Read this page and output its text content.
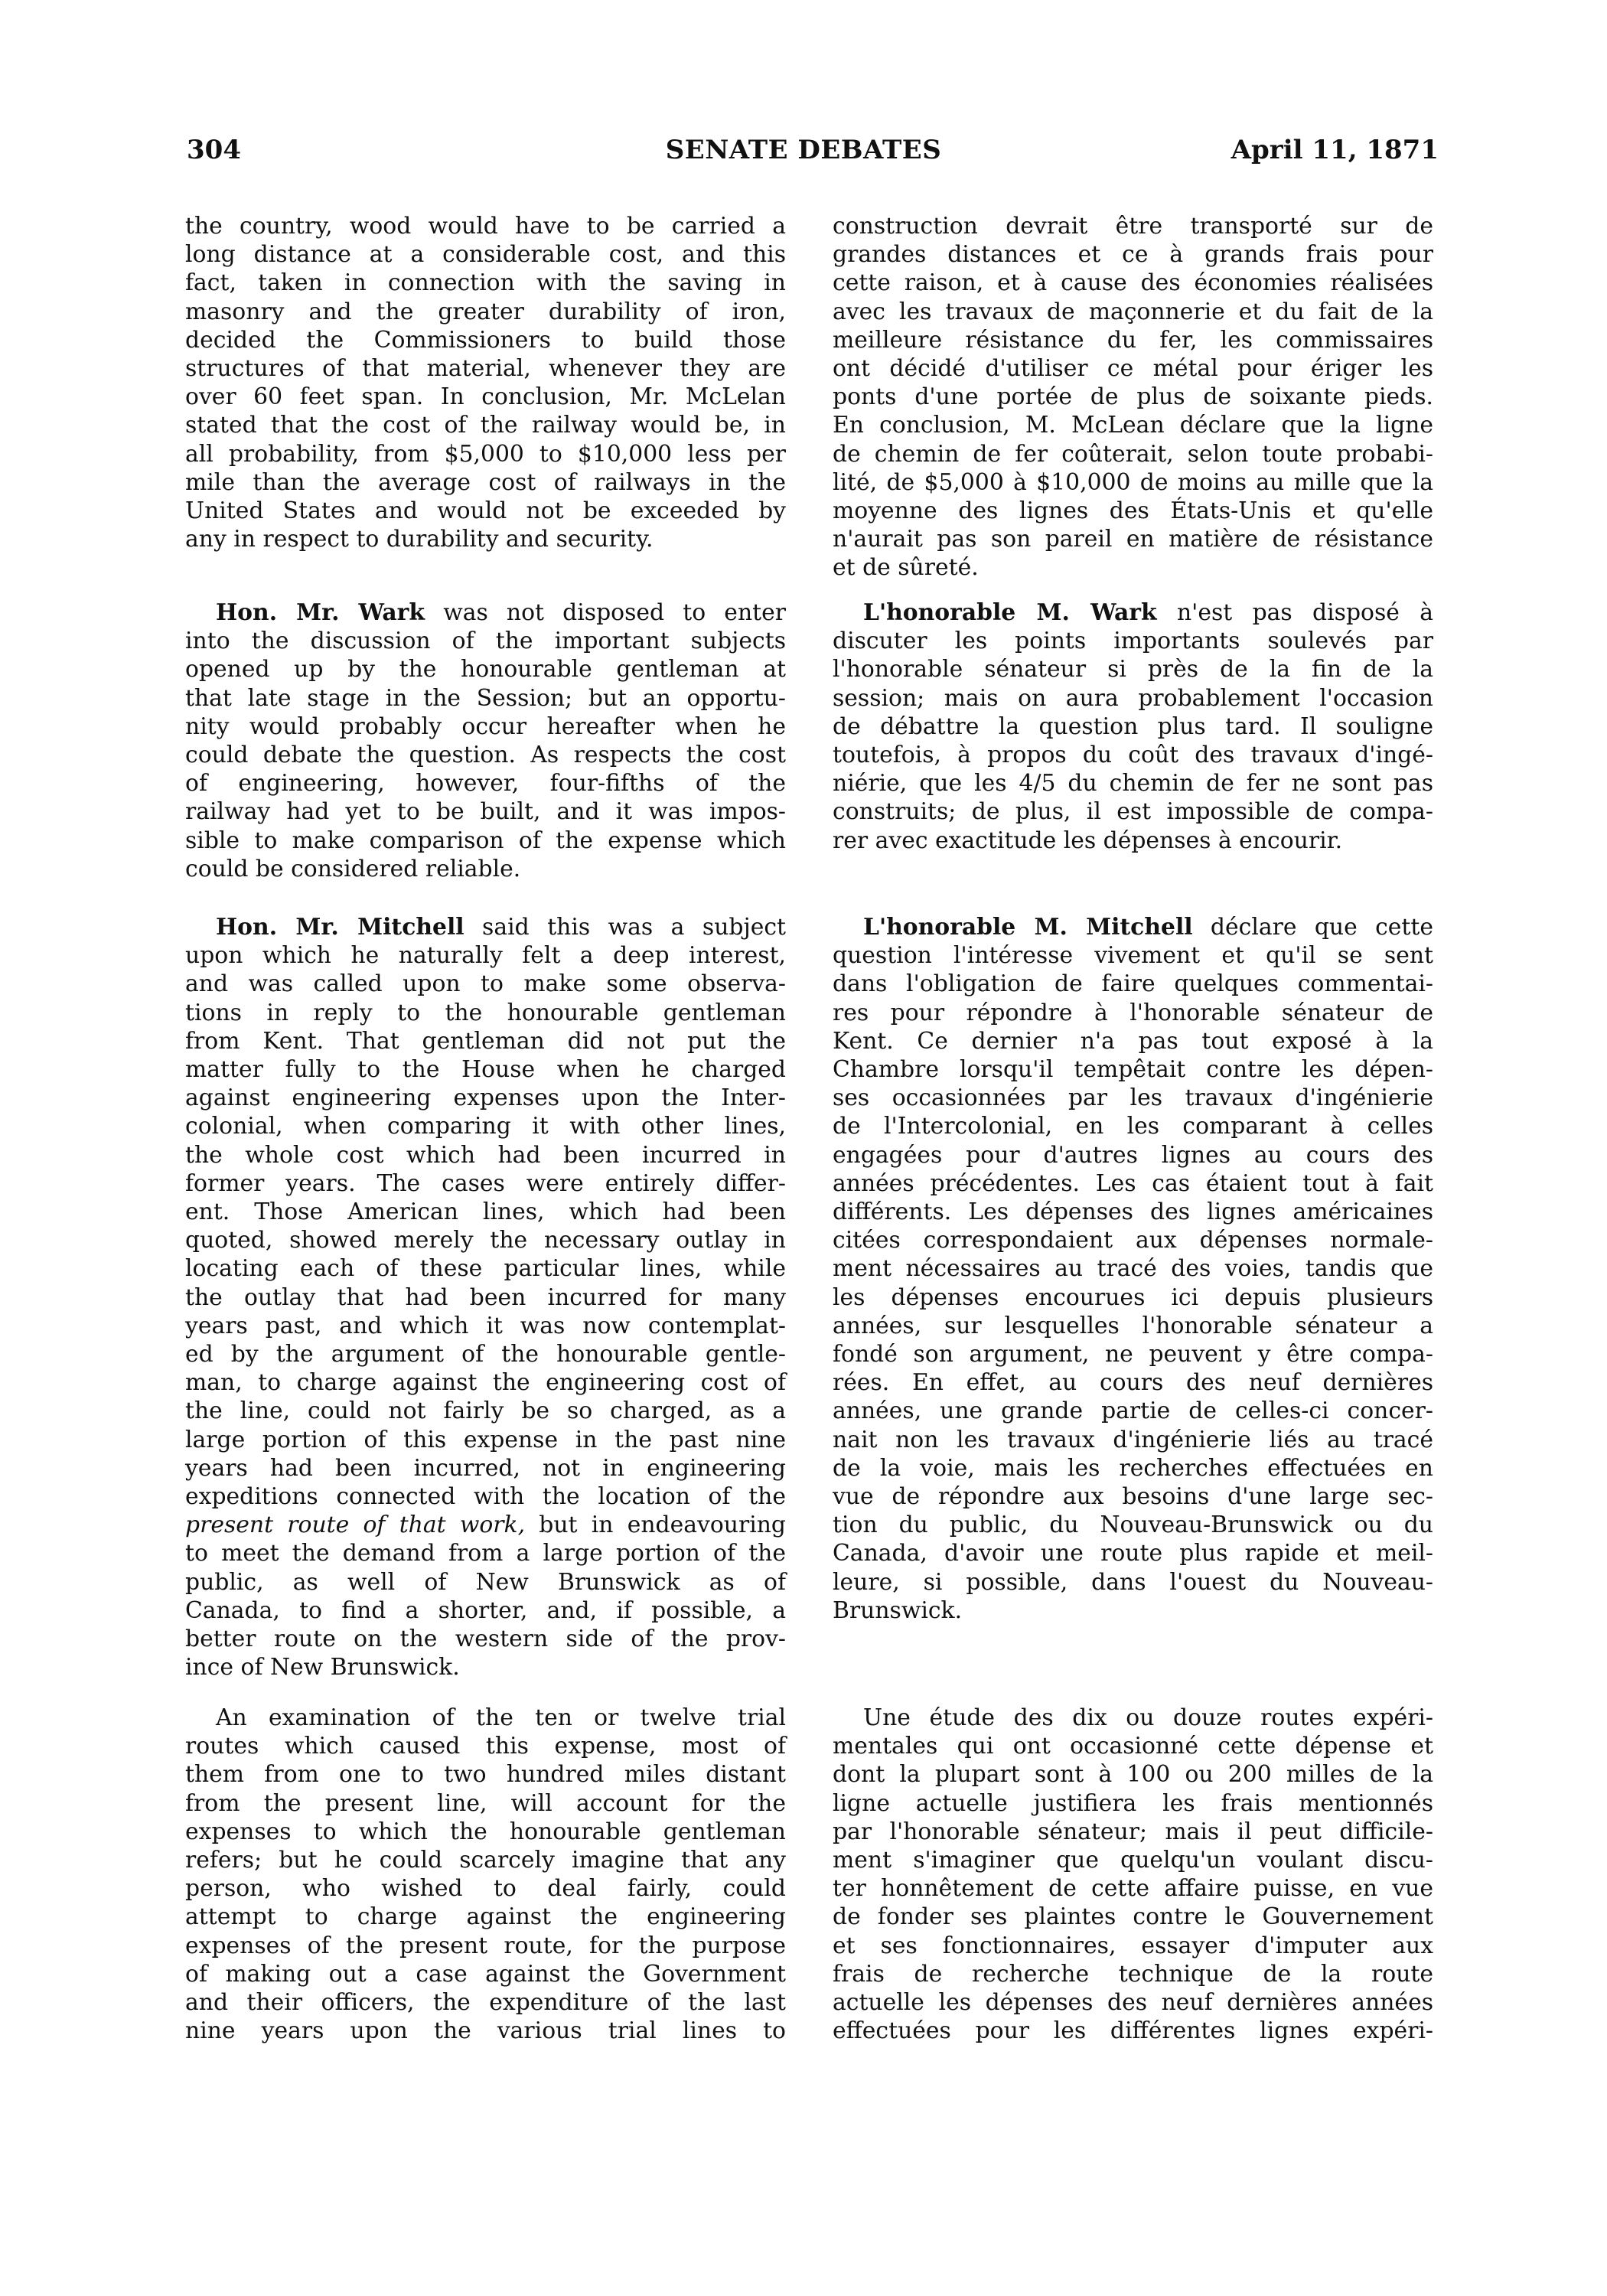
304	SENATE DEBATES	April 11, 1871
the country, wood would have to be carried a
long distance at a considerable cost, and this
fact, taken in connection with the saving in
masonry and the greater durability of iron,
decided the Commissioners to build those
structures of that material, whenever they are
over 60 feet span. In conclusion, Mr. McLelan
stated that the cost of the railway would be, in
all probability, from $5,000 to $10,000 less per
mile than the average cost of railways in the
United States and would not be exceeded by
any in respect to durability and security.
Hon. Mr. Wark was not disposed to enter
into the discussion of the important subjects
opened up by the honourable gentleman at
that late stage in the Session; but an opportu-
nity would probably occur hereafter when he
could debate the question. As respects the cost
of engineering, however, four-fifths of the
railway had yet to be built, and it was impos-
sible to make comparison of the expense which
could be considered reliable.
Hon. Mr. Mitchell said this was a subject
upon which he naturally felt a deep interest,
and was called upon to make some observa-
tions in reply to the honourable gentleman
from Kent. That gentleman did not put the
matter fully to the House when he charged
against engineering expenses upon the Inter-
colonial, when comparing it with other lines,
the whole cost which had been incurred in
former years. The cases were entirely differ-
ent. Those American lines, which had been
quoted, showed merely the necessary outlay in
locating each of these particular lines, while
the outlay that had been incurred for many
years past, and which it was now contemplat-
ed by the argument of the honourable gentle-
man, to charge against the engineering cost of
the line, could not fairly be so charged, as a
large portion of this expense in the past nine
years had been incurred, not in engineering
expeditions connected with the location of the
present route of that work, but in endeavouring
to meet the demand from a large portion of the
public, as well of New Brunswick as of
Canada, to find a shorter, and, if possible, a
better route on the western side of the prov-
ince of New Brunswick.
An examination of the ten or twelve trial
routes which caused this expense, most of
them from one to two hundred miles distant
from the present line, will account for the
expenses to which the honourable gentleman
refers; but he could scarcely imagine that any
person, who wished to deal fairly, could
attempt to charge against the engineering
expenses of the present route, for the purpose
of making out a case against the Government
and their officers, the expenditure of the last
nine years upon the various trial lines to
construction devrait être transporté sur de
grandes distances et ce à grands frais pour
cette raison, et à cause des économies réalisées
avec les travaux de maçonnerie et du fait de la
meilleure résistance du fer, les commissaires
ont décidé d'utiliser ce métal pour ériger les
ponts d'une portée de plus de soixante pieds.
En conclusion, M. McLean déclare que la ligne
de chemin de fer coûterait, selon toute probabi-
lité, de $5,000 à $10,000 de moins au mille que la
moyenne des lignes des États-Unis et qu'elle
n'aurait pas son pareil en matière de résistance
et de sûreté.
L'honorable M. Wark n'est pas disposé à
discuter les points importants soulevés par
l'honorable sénateur si près de la fin de la
session; mais on aura probablement l'occasion
de débattre la question plus tard. Il souligne
toutefois, à propos du coût des travaux d'ingé-
niérie, que les 4/5 du chemin de fer ne sont pas
construits; de plus, il est impossible de compa-
rer avec exactitude les dépenses à encourir.
L'honorable M. Mitchell déclare que cette
question l'intéresse vivement et qu'il se sent
dans l'obligation de faire quelques commentai-
res pour répondre à l'honorable sénateur de
Kent. Ce dernier n'a pas tout exposé à la
Chambre lorsqu'il tempêtait contre les dépen-
ses occasionnées par les travaux d'ingénierie
de l'Intercolonial, en les comparant à celles
engagées pour d'autres lignes au cours des
années précédentes. Les cas étaient tout à fait
différents. Les dépenses des lignes américaines
citées correspondaient aux dépenses normale-
ment nécessaires au tracé des voies, tandis que
les dépenses encourues ici depuis plusieurs
années, sur lesquelles l'honorable sénateur a
fondé son argument, ne peuvent y être compa-
rées. En effet, au cours des neuf dernières
années, une grande partie de celles-ci concer-
nait non les travaux d'ingénierie liés au tracé
de la voie, mais les recherches effectuées en
vue de répondre aux besoins d'une large sec-
tion du public, du Nouveau-Brunswick ou du
Canada, d'avoir une route plus rapide et meil-
leure, si possible, dans l'ouest du Nouveau-
Brunswick.
Une étude des dix ou douze routes expéri-
mentales qui ont occasionné cette dépense et
dont la plupart sont à 100 ou 200 milles de la
ligne actuelle justifiera les frais mentionnés
par l'honorable sénateur; mais il peut difficile-
ment s'imaginer que quelqu'un voulant discu-
ter honnêtement de cette affaire puisse, en vue
de fonder ses plaintes contre le Gouvernement
et ses fonctionnaires, essayer d'imputer aux
frais de recherche technique de la route
actuelle les dépenses des neuf dernières années
effectuées pour les différentes lignes expéri-
